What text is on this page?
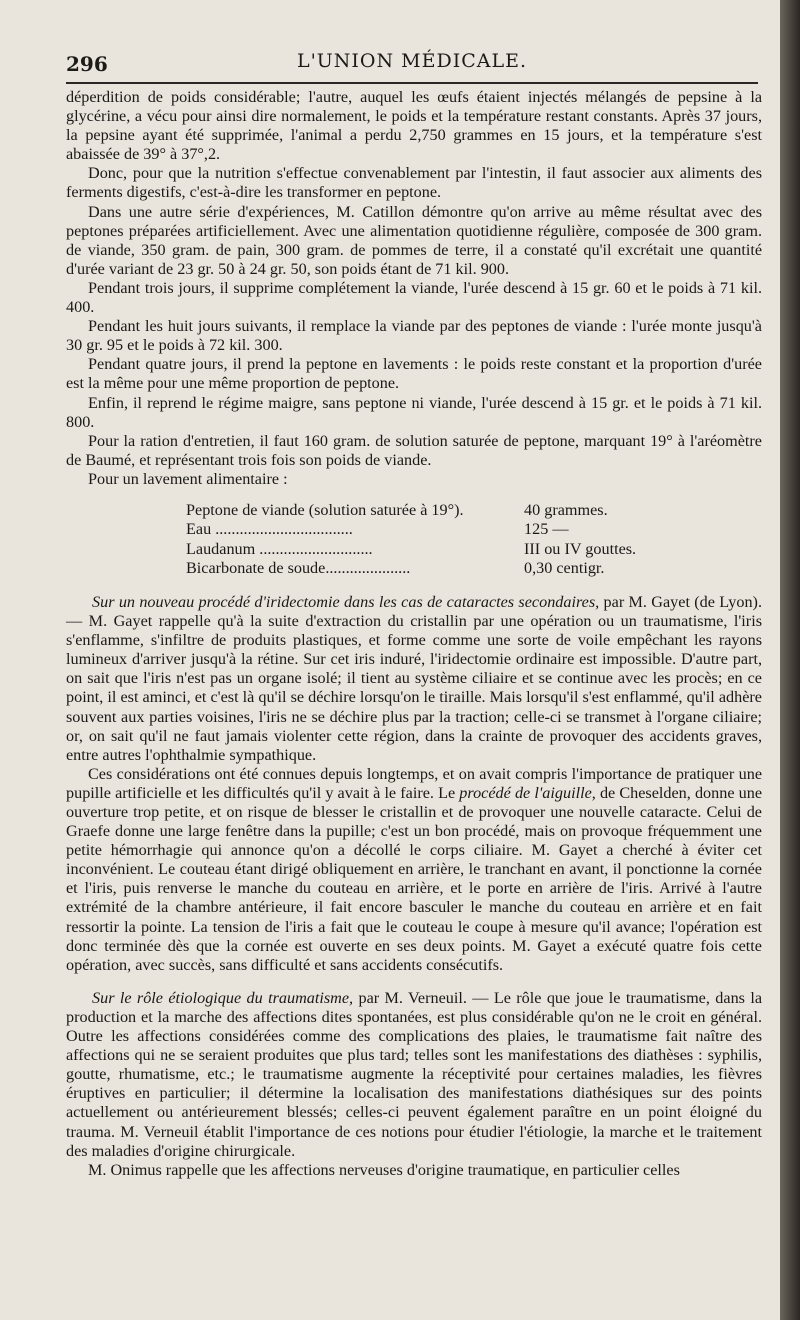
296	L'UNION MÉDICALE.

déperdition de poids considérable; l'autre, auquel les œufs étaient injectés mélangés de pepsine à la glycérine, a vécu pour ainsi dire normalement, le poids et la température restant constants. Après 37 jours, la pepsine ayant été supprimée, l'animal a perdu 2,750 grammes en 15 jours, et la température s'est abaissée de 39° à 37°,2.

Donc, pour que la nutrition s'effectue convenablement par l'intestin, il faut associer aux aliments des ferments digestifs, c'est-à-dire les transformer en peptone.

Dans une autre série d'expériences, M. Catillon démontre qu'on arrive au même résultat avec des peptones préparées artificiellement. Avec une alimentation quotidienne régulière, composée de 300 gram. de viande, 350 gram. de pain, 300 gram. de pommes de terre, il a constaté qu'il excrétait une quantité d'urée variant de 23 gr. 50 à 24 gr. 50, son poids étant de 71 kil. 900.

Pendant trois jours, il supprime complétement la viande, l'urée descend à 15 gr. 60 et le poids à 71 kil. 400.

Pendant les huit jours suivants, il remplace la viande par des peptones de viande : l'urée monte jusqu'à 30 gr. 95 et le poids à 72 kil. 300.

Pendant quatre jours, il prend la peptone en lavements : le poids reste constant et la proportion d'urée est la même pour une même proportion de peptone.

Enfin, il reprend le régime maigre, sans peptone ni viande, l'urée descend à 15 gr. et le poids à 71 kil. 800.

Pour la ration d'entretien, il faut 160 gram. de solution saturée de peptone, marquant 19° à l'aréomètre de Baumé, et représentant trois fois son poids de viande.

Pour un lavement alimentaire :

Peptone de viande (solution saturée à 19°).	40 grammes.
Eau ..................................	125 —
Laudanum ............................	III ou IV gouttes.
Bicarbonate de soude.....................	0,30 centigr.

Sur un nouveau procédé d'iridectomie dans les cas de cataractes secondaires, par M. Gayet (de Lyon). — M. Gayet rappelle qu'à la suite d'extraction du cristallin par une opération ou un traumatisme, l'iris s'enflamme, s'infiltre de produits plastiques, et forme comme une sorte de voile empêchant les rayons lumineux d'arriver jusqu'à la rétine. Sur cet iris induré, l'iridectomie ordinaire est impossible. D'autre part, on sait que l'iris n'est pas un organe isolé; il tient au système ciliaire et se continue avec les procès; en ce point, il est aminci, et c'est là qu'il se déchire lorsqu'on le tiraille. Mais lorsqu'il s'est enflammé, qu'il adhère souvent aux parties voisines, l'iris ne se déchire plus par la traction; celle-ci se transmet à l'organe ciliaire; or, on sait qu'il ne faut jamais violenter cette région, dans la crainte de provoquer des accidents graves, entre autres l'ophthalmie sympathique.

Ces considérations ont été connues depuis longtemps, et on avait compris l'importance de pratiquer une pupille artificielle et les difficultés qu'il y avait à le faire. Le procédé de l'aiguille, de Cheselden, donne une ouverture trop petite, et on risque de blesser le cristallin et de provoquer une nouvelle cataracte. Celui de Graefe donne une large fenêtre dans la pupille; c'est un bon procédé, mais on provoque fréquemment une petite hémorrhagie qui annonce qu'on a décollé le corps ciliaire. M. Gayet a cherché à éviter cet inconvénient. Le couteau étant dirigé obliquement en arrière, le tranchant en avant, il ponctionne la cornée et l'iris, puis renverse le manche du couteau en arrière, et le porte en arrière de l'iris. Arrivé à l'autre extrémité de la chambre antérieure, il fait encore basculer le manche du couteau en arrière et en fait ressortir la pointe. La tension de l'iris a fait que le couteau le coupe à mesure qu'il avance; l'opération est donc terminée dès que la cornée est ouverte en ses deux points. M. Gayet a exécuté quatre fois cette opération, avec succès, sans difficulté et sans accidents consécutifs.

Sur le rôle étiologique du traumatisme, par M. Verneuil. — Le rôle que joue le traumatisme, dans la production et la marche des affections dites spontanées, est plus considérable qu'on ne le croit en général. Outre les affections considérées comme des complications des plaies, le traumatisme fait naître des affections qui ne se seraient produites que plus tard; telles sont les manifestations des diathèses : syphilis, goutte, rhumatisme, etc.; le traumatisme augmente la réceptivité pour certaines maladies, les fièvres éruptives en particulier; il détermine la localisation des manifestations diathésiques sur des points actuellement ou antérieurement blessés; celles-ci peuvent également paraître en un point éloigné du trauma. M. Verneuil établit l'importance de ces notions pour étudier l'étiologie, la marche et le traitement des maladies d'origine chirurgicale.

M. Onimus rappelle que les affections nerveuses d'origine traumatique, en particulier celles
